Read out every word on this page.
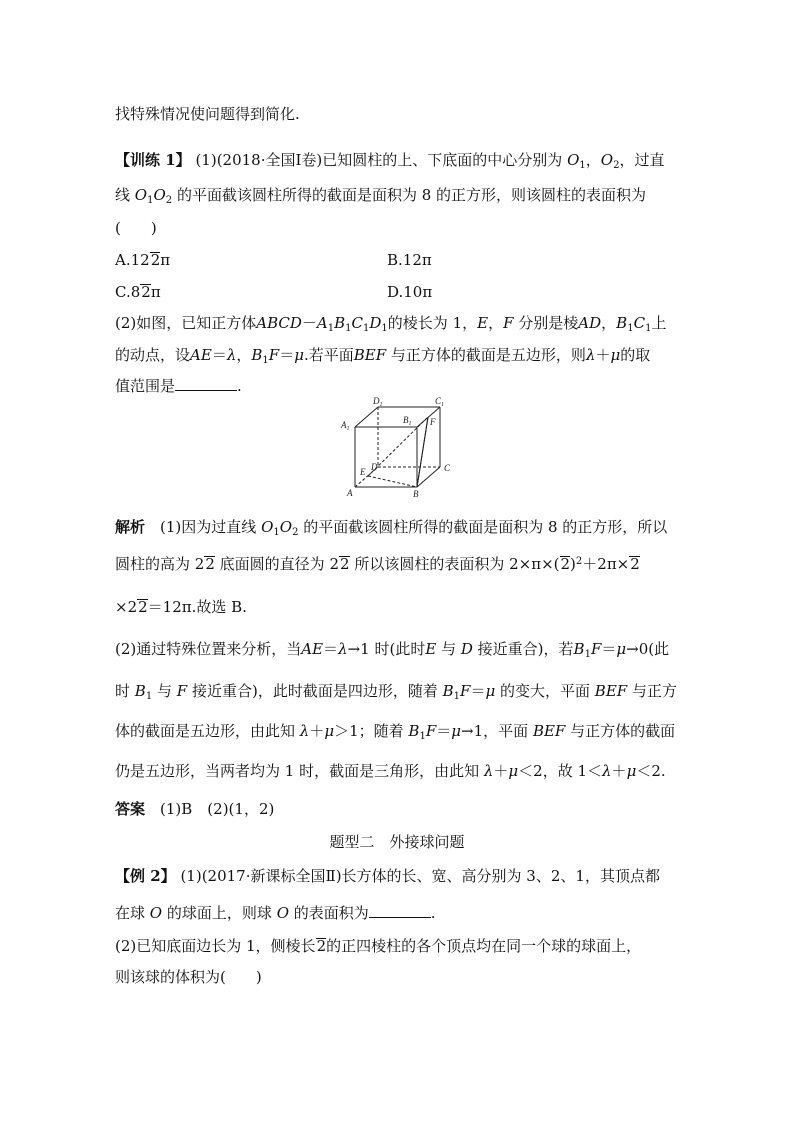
找特殊情况使问题得到简化.
【训练 1】 (1)(2018·全国Ⅰ卷)已知圆柱的上、下底面的中心分别为 $O_1$，$O_2$，过直
线 $O_1O_2$ 的平面截该圆柱所得的截面是面积为 8 的正方形，则该圆柱的表面积为
(　　)
A.122π	B.12π
C.82π	D.10π
(2)如图，已知正方体$ABCD-A_1B_1C_1D_1$的棱长为 1，E，F 分别是棱AD，$B_1C_1$上
的动点，设AE＝λ，$B_1F=\mu$.若平面BEF 与正方体的截面是五边形，则λ＋μ的取
值范围是	.
$D_1$	$C_1$
$A_1$
$B_1$ F
E D	C
A	B
解析　 (1)因为过直线 $O_1O_2$ 的平面截该圆柱所得的截面是面积为 8 的正方形，所以
圆柱的高为 22 底面圆的直径为 22 所以该圆柱的表面积为 $2\times\pi\times(2)^2+2\pi\times 2$
×22＝12π.故选 B.
(2)通过特殊位置来分析，当AE＝λ→1 时(此时E 与 D 接近重合)，若$B_1F=\mu\to 0$(此
时 $B_1$ 与 F 接近重合)，此时截面是四边形，随着 $B_1F=\mu$ 的变大，平面 BEF 与正方
体的截面是五边形，由此知 λ＋μ＞1；随着 $B_1F=\mu\to 1$，平面 BEF 与正方体的截面
仍是五边形，当两者均为 1 时，截面是三角形，由此知 λ＋μ＜2，故 1＜λ＋μ＜2.
答案　 (1)B　(2)(1，2)
题型二　外接球问题
【例 2】 (1)(2017·新课标全国Ⅱ)长方体的长、宽、高分别为 3、2、1，其顶点都
在球 O 的球面上，则球 O 的表面积为	.
(2)已知底面边长为 1，侧棱长2的正四棱柱的各个顶点均在同一个球的球面上，
则该球的体积为(　　)
